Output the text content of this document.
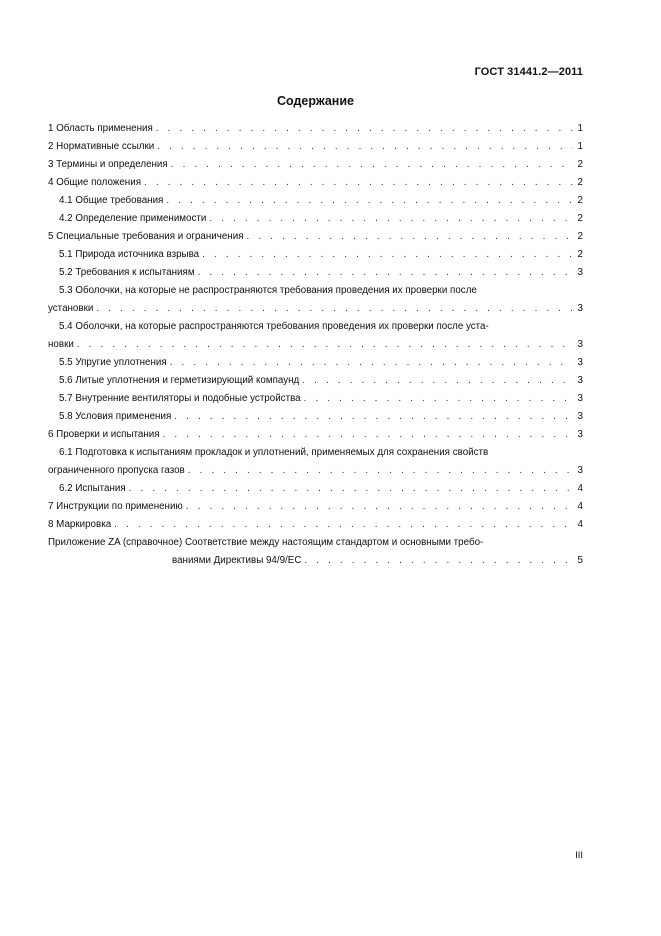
ГОСТ 31441.2—2011
Содержание
1 Область применения . . .	1
2 Нормативные ссылки . . .	1
3 Термины и определения . . .	2
4 Общие положения . . .	2
4.1 Общие требования . . .	2
4.2 Определение применимости . . .	2
5 Специальные требования и ограничения . . .	2
5.1 Природа источника взрыва . . .	2
5.2 Требования к испытаниям . . .	3
5.3 Оболочки, на которые не распространяются требования проведения их проверки после
установки . . .	3
5.4 Оболочки, на которые распространяются требования проведения их проверки после уста-
новки . . .	3
5.5 Упругие уплотнения . . .	3
5.6 Литые уплотнения и герметизирующий компаунд . . .	3
5.7 Внутренние вентиляторы и подобные устройства . . .	3
5.8 Условия применения . . .	3
6 Проверки и испытания . . .	3
6.1 Подготовка к испытаниям прокладок и уплотнений, применяемых для сохранения свойств
ограниченного пропуска газов . . .	3
6.2 Испытания . . .	4
7 Инструкции по применению . . .	4
8 Маркировка . . .	4
Приложение ZA (справочное) Соответствие между настоящим стандартом и основными требо-
ваниями Директивы 94/9/EC . . .	5
III
